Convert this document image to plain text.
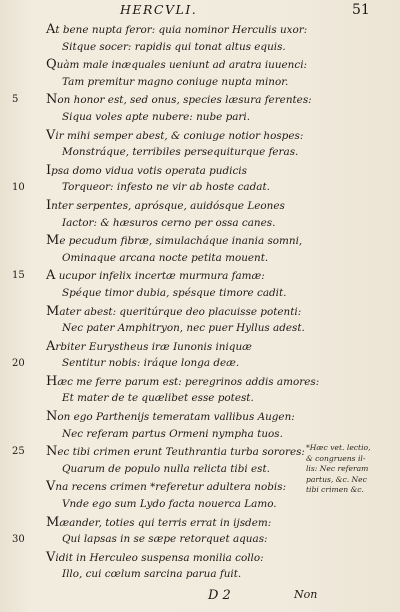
HERCVLI.	51
At bene nupta feror: quia nominor Herculis uxor:
Sitque socer: rapidis qui tonat altus equis.
Quàm male inæquales ueniunt ad aratra iuuenci:
Tam premitur magno coniuge nupta minor.
5 Non honor est, sed onus, species læsura ferentes:
Siqua voles apte nubere: nube pari.
Vir mihi semper abest, & coniuge notior hospes:
Monstráque, terribiles persequiturque feras.
Ipsa domo vidua votis operata pudicis
10	Torqueor: infesto ne vir ab hoste cadat.
Inter serpentes, aprósque, auidósque Leones
Iactor: & hæsuros cerno per ossa canes.
Me pecudum fibræ, simulacháque inania somni,
Ominaque arcana nocte petita mouent.
15 A ucupor infelix incertæ murmura famæ:
Spéque timor dubia, spésque timore cadit.
Mater abest: queritúrque deo placuisse potenti:
Nec pater Amphitryon, nec puer Hyllus adest.
Arbiter Eurystheus iræ Iunonis iniquæ
20	Sentitur nobis: iráque longa deæ.
Hæc me ferre parum est: peregrinos addis amores:
Et mater de te quælibet esse potest.
Non ego Parthenijs temeratam vallibus Augen:
Nec referam partus Ormeni nympha tuos.
25 Nec tibi crimen erunt Teuthrantia turba sorores:
Quarum de populo nulla relicta tibi est.
Vna recens crimen *referetur adultera nobis:
Vnde ego sum Lydo facta nouerca Lamo.
Mæander, toties qui terris errat in ijsdem:
30	Qui lapsas in se sæpe retorquet aquas:
Vidit in Herculeo suspensa monilia collo:
Illo, cui cœlum sarcina parua fuit.
*Hæc vet. lectio,
& congruens il-
lis: Nec referam
partus, &c. Nec
tibi crimen &c.
D 2	Non
